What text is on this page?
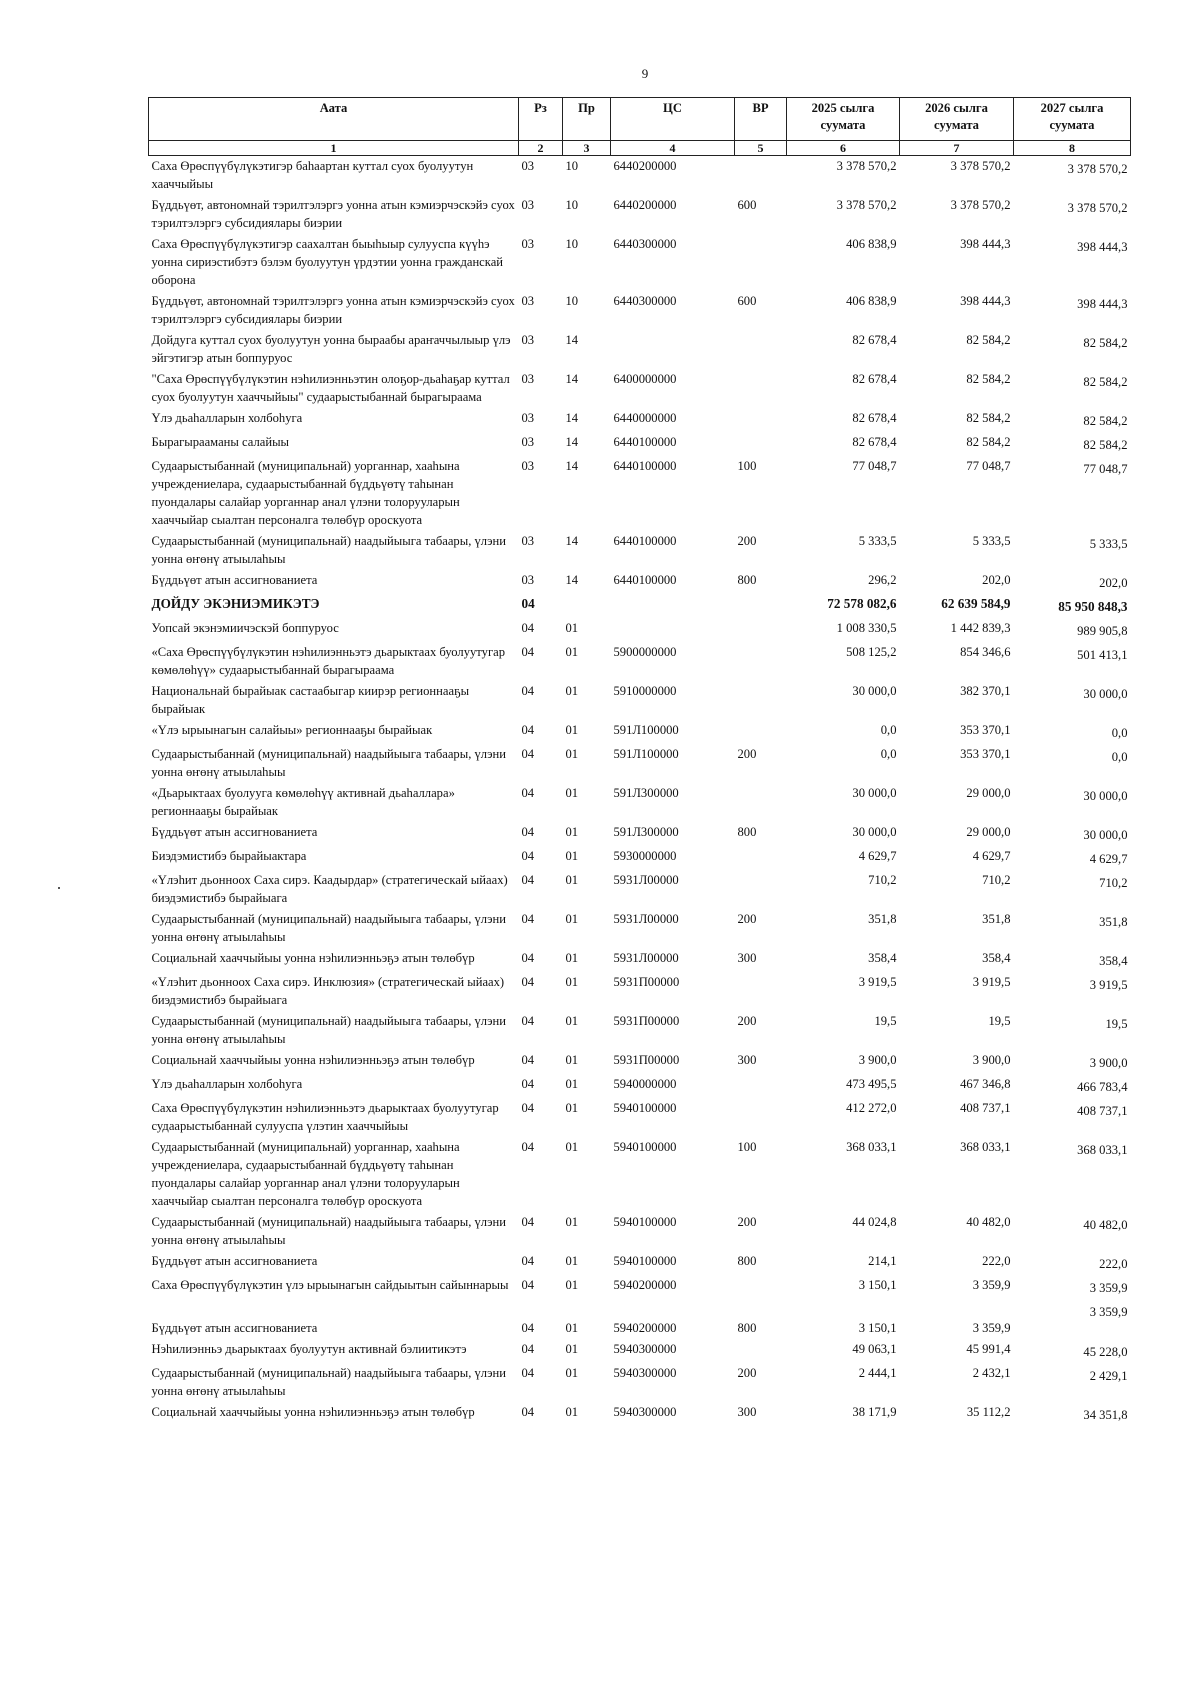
9
Аата	Рз	Пр	ЦС	ВР	2025 сылга суумата	2026 сылга суумата	2027 сылга суумата
1	2	3	4	5	6	7	8
Саха Өрөспүүбүлүкэтигэр баһаартан куттал суох буолуутун хааччыйыы	03	10	6440200000		3 378 570,2	3 378 570,2	3 378 570,2
Бүддьүөт, автономнай тэрилтэлэргэ уонна атын кэмиэрчэскэйэ суох тэрилтэлэргэ субсидиялары биэрии	03	10	6440200000	600	3 378 570,2	3 378 570,2	3 378 570,2
Саха Өрөспүүбүлүкэтигэр саахалтан быыһыыр сулууспа күүһэ уонна сириэстибэтэ бэлэм буолуутун үрдэтии уонна гражданскай оборона	03	10	6440300000		406 838,9	398 444,3	398 444,3
Бүддьүөт, автономнай тэрилтэлэргэ уонна атын кэмиэрчэскэйэ суох тэрилтэлэргэ субсидиялары биэрии	03	10	6440300000	600	406 838,9	398 444,3	398 444,3
Дойдуга куттал суох буолуутун уонна быраабы араҥаччылыыр үлэ эйгэтигэр атын боппуруос	03	14			82 678,4	82 584,2	82 584,2
"Саха Өрөспүүбүлүкэтин нэһилиэнньэтин олоҕор-дьаһаҕар куттал суох буолуутун хааччыйыы" судаарыстыбаннай бырагыраама	03	14	6400000000		82 678,4	82 584,2	82 584,2
Үлэ дьаһалларын холбоһуга	03	14	6440000000		82 678,4	82 584,2	82 584,2
Бырагырааманы салайыы	03	14	6440100000		82 678,4	82 584,2	82 584,2
Судаарыстыбаннай (муниципальнай) уорганнар, хааһына учреждениелара, судаарыстыбаннай бүддьүөтү таһынан пуондалары салайар уорганнар анал үлэни толорууларын хааччыйар сыалтан персоналга төлөбүр ороскуота	03	14	6440100000	100	77 048,7	77 048,7	77 048,7
Судаарыстыбаннай (муниципальнай) наадыйыыга табаары, үлэни уонна өҥөнү атыылаһыы	03	14	6440100000	200	5 333,5	5 333,5	5 333,5
Бүддьүөт атын ассигнованиета	03	14	6440100000	800	296,2	202,0	202,0
ДОЙДУ ЭКЭНИЭМИКЭТЭ	04				72 578 082,6	62 639 584,9	85 950 848,3
Уопсай экэнэмиичэскэй боппуруос	04	01			1 008 330,5	1 442 839,3	989 905,8
«Саха Өрөспүүбүлүкэтин нэһилиэнньэтэ дьарыктаах буолуутугар көмөлөһүү» судаарыстыбаннай бырагыраама	04	01	5900000000		508 125,2	854 346,6	501 413,1
Национальнай бырайыак састаабыгар киирэр регионнааҕы бырайыак	04	01	5910000000		30 000,0	382 370,1	30 000,0
«Үлэ ырыынагын салайыы» регионнааҕы бырайыак	04	01	591Л100000		0,0	353 370,1	0,0
Судаарыстыбаннай (муниципальнай) наадыйыыга табаары, үлэни уонна өҥөнү атыылаһыы	04	01	591Л100000	200	0,0	353 370,1	0,0
«Дьарыктаах буолууга көмөлөһүү активнай дьаһаллара» регионнааҕы бырайыак	04	01	591Л300000		30 000,0	29 000,0	30 000,0
Бүддьүөт атын ассигнованиета	04	01	591Л300000	800	30 000,0	29 000,0	30 000,0
Биэдэмистибэ бырайыактара	04	01	5930000000		4 629,7	4 629,7	4 629,7
«Үлэһит дьонноох Саха сирэ. Каадырдар» (стратегическай ыйаах) биэдэмистибэ бырайыага	04	01	5931Л00000		710,2	710,2	710,2
Судаарыстыбаннай (муниципальнай) наадыйыыга табаары, үлэни уонна өҥөнү атыылаһыы	04	01	5931Л00000	200	351,8	351,8	351,8
Социальнай хааччыйыы уонна нэһилиэнньэҕэ атын төлөбүр	04	01	5931Л00000	300	358,4	358,4	358,4
«Үлэһит дьонноох Саха сирэ. Инклюзия» (стратегическай ыйаах) биэдэмистибэ бырайыага	04	01	5931П00000		3 919,5	3 919,5	3 919,5
Судаарыстыбаннай (муниципальнай) наадыйыыга табаары, үлэни уонна өҥөнү атыылаһыы	04	01	5931П00000	200	19,5	19,5	19,5
Социальнай хааччыйыы уонна нэһилиэнньэҕэ атын төлөбүр	04	01	5931П00000	300	3 900,0	3 900,0	3 900,0
Үлэ дьаһалларын холбоһуга	04	01	5940000000		473 495,5	467 346,8	466 783,4
Саха Өрөспүүбүлүкэтин нэһилиэнньэтэ дьарыктаах буолуутугар судаарыстыбаннай сулууспа үлэтин хааччыйыы	04	01	5940100000		412 272,0	408 737,1	408 737,1
Судаарыстыбаннай (муниципальнай) уорганнар, хааһына учреждениелара, судаарыстыбаннай бүддьүөтү таһынан пуондалары салайар уорганнар анал үлэни толорууларын хааччыйар сыалтан персоналга төлөбүр ороскуота	04	01	5940100000	100	368 033,1	368 033,1	368 033,1
Судаарыстыбаннай (муниципальнай) наадыйыыга табаары, үлэни уонна өҥөнү атыылаһыы	04	01	5940100000	200	44 024,8	40 482,0	40 482,0
Бүддьүөт атын ассигнованиета	04	01	5940100000	800	214,1	222,0	222,0
Саха Өрөспүүбүлүкэтин үлэ ырыынагын сайдыытын сайыннарыы	04	01	5940200000		3 150,1	3 359,9	3 359,9
Бүддьүөт атын ассигнованиета	04	01	5940200000	800	3 150,1	3 359,9	3 359,9
Нэһилиэнньэ дьарыктаах буолуутун активнай бэлиитикэтэ	04	01	5940300000		49 063,1	45 991,4	45 228,0
Судаарыстыбаннай (муниципальнай) наадыйыыга табаары, үлэни уонна өҥөнү атыылаһыы	04	01	5940300000	200	2 444,1	2 432,1	2 429,1
Социальнай хааччыйыы уонна нэһилиэнньэҕэ атын төлөбүр	04	01	5940300000	300	38 171,9	35 112,2	34 351,8
